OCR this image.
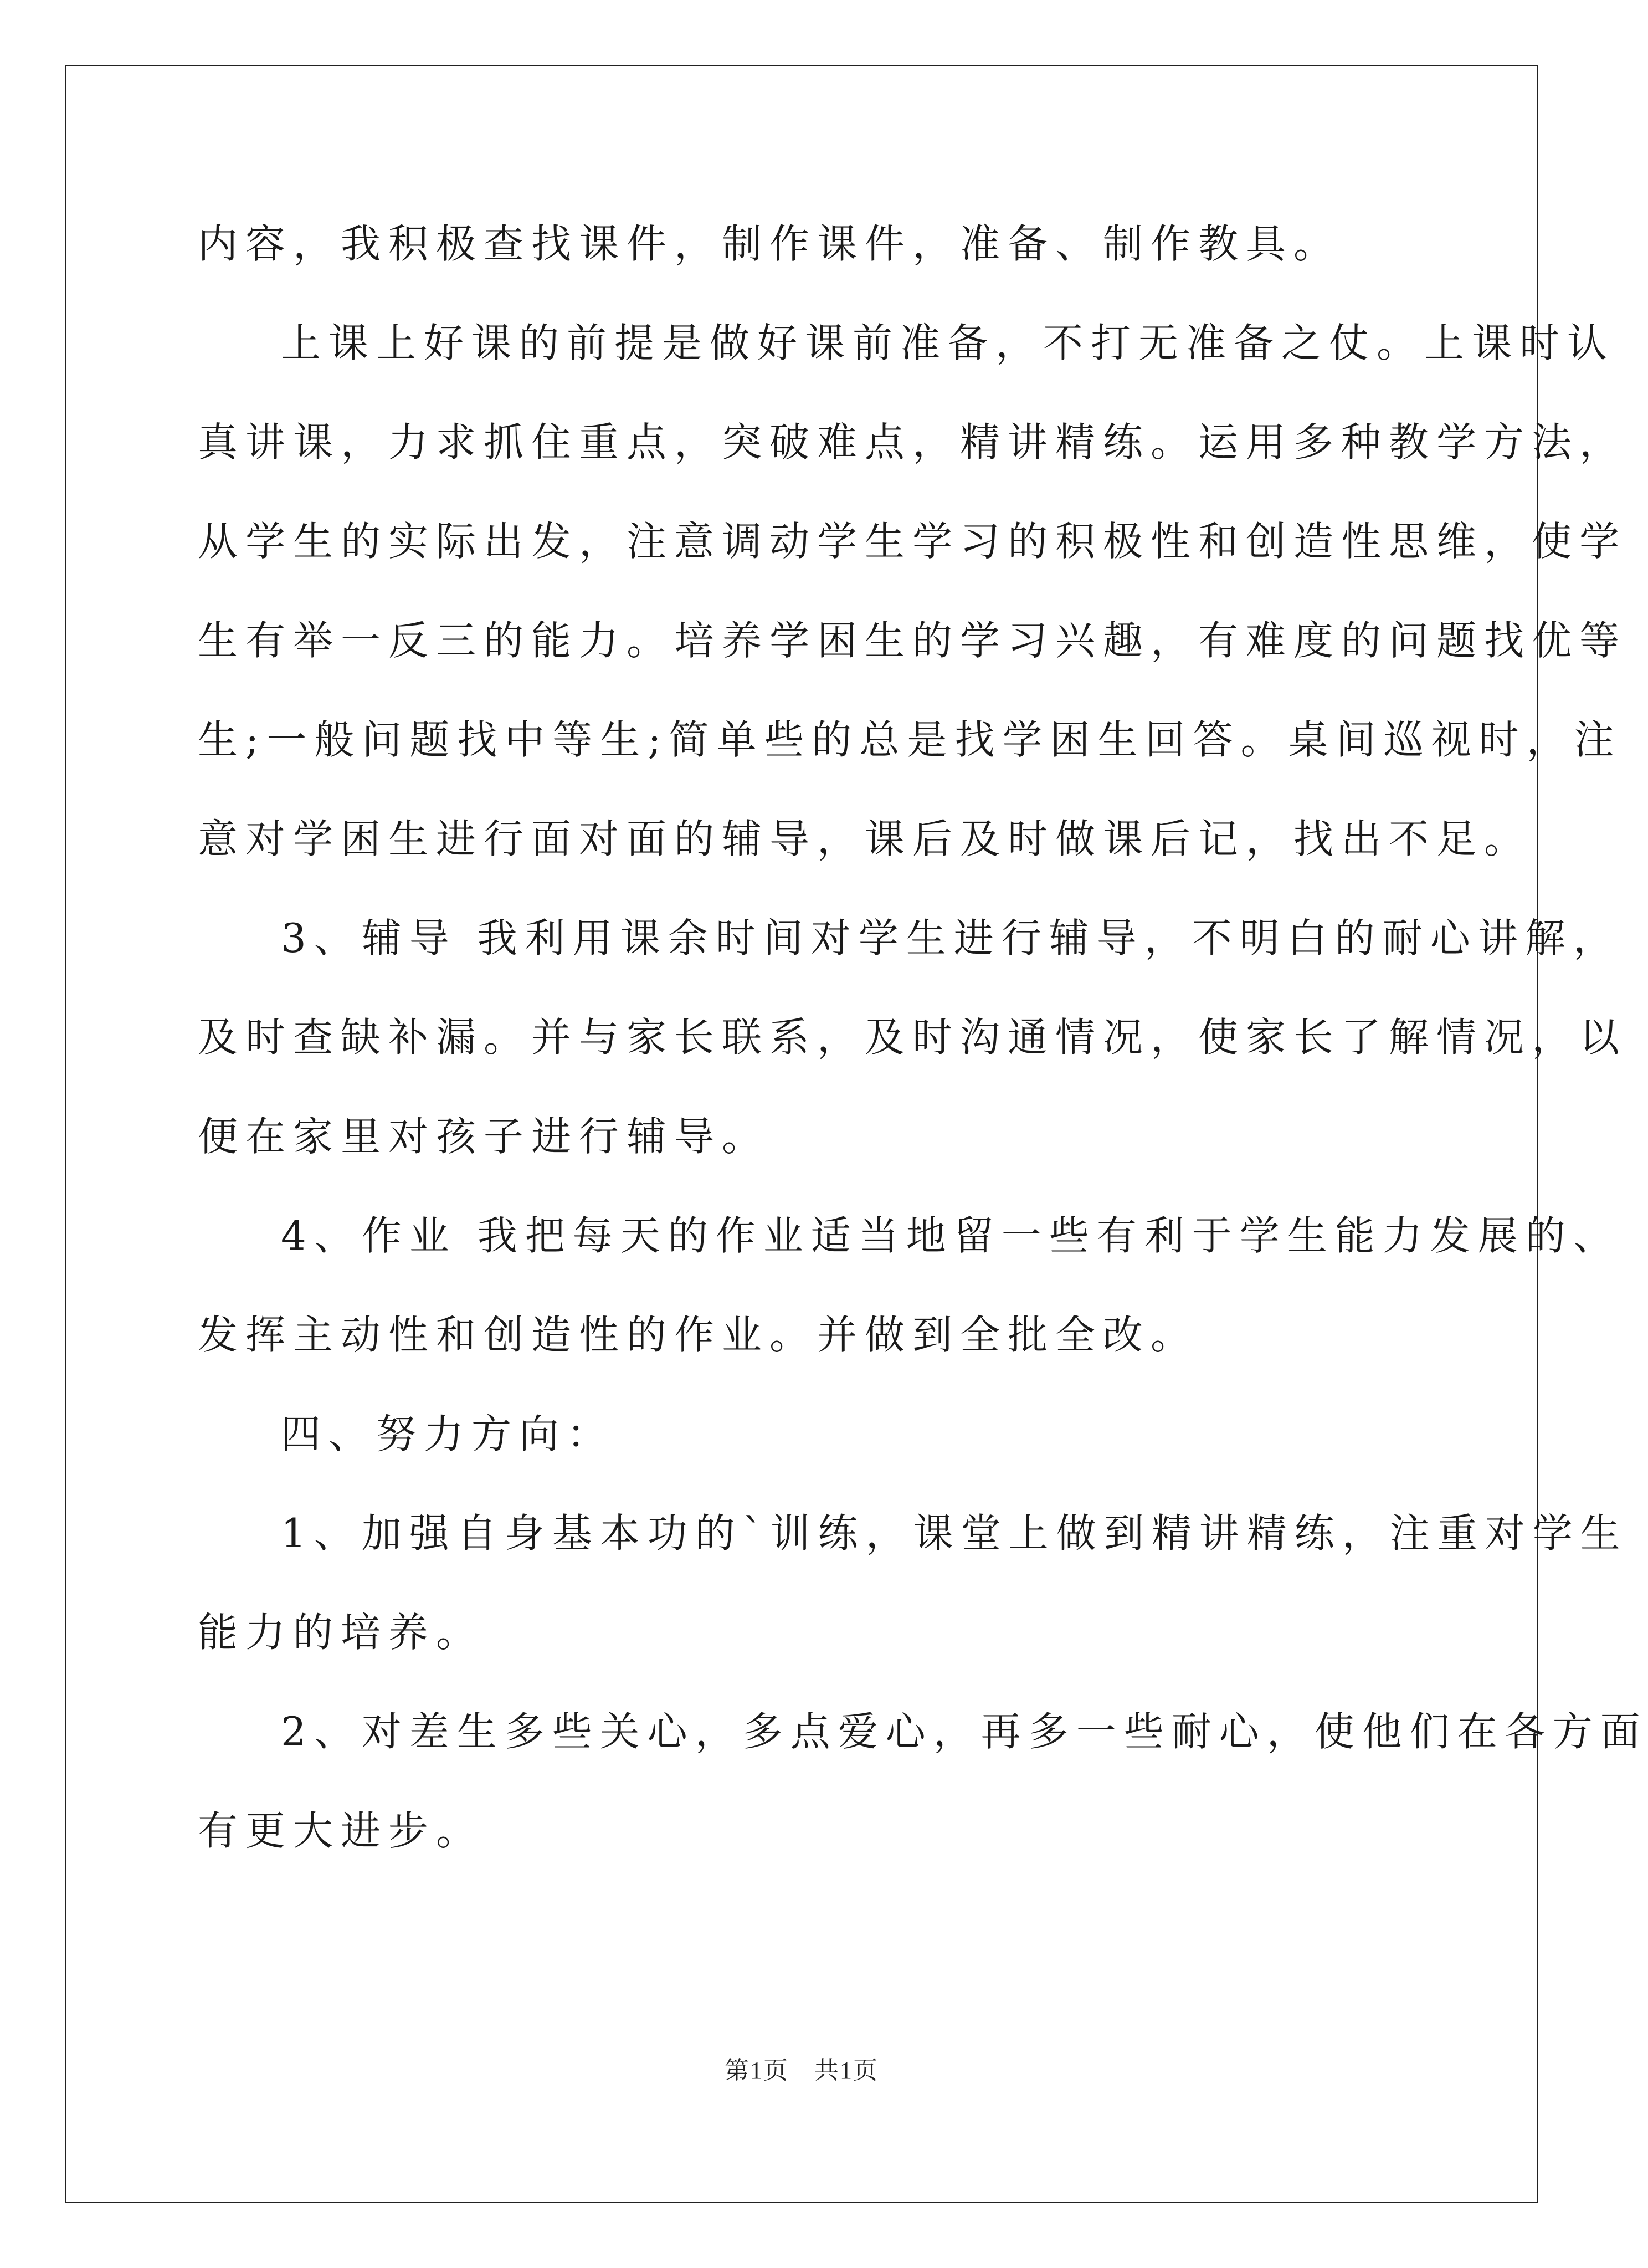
内容，我积极查找课件，制作课件，准备、制作教具。
上课上好课的前提是做好课前准备，不打无准备之仗。上课时认
真讲课，力求抓住重点，突破难点，精讲精练。运用多种教学方法，
从学生的实际出发，注意调动学生学习的积极性和创造性思维，使学
生有举一反三的能力。培养学困生的学习兴趣，有难度的问题找优等
生;一般问题找中等生;简单些的总是找学困生回答。桌间巡视时，注
意对学困生进行面对面的辅导，课后及时做课后记，找出不足。
3、辅导 我利用课余时间对学生进行辅导，不明白的耐心讲解，
及时查缺补漏。并与家长联系，及时沟通情况，使家长了解情况，以
便在家里对孩子进行辅导。
4、作业 我把每天的作业适当地留一些有利于学生能力发展的、
发挥主动性和创造性的作业。并做到全批全改。
四、努力方向：
1、加强自身基本功的`训练，课堂上做到精讲精练，注重对学生
能力的培养。
2、对差生多些关心，多点爱心，再多一些耐心，使他们在各方面
有更大进步。
第1页　共1页
